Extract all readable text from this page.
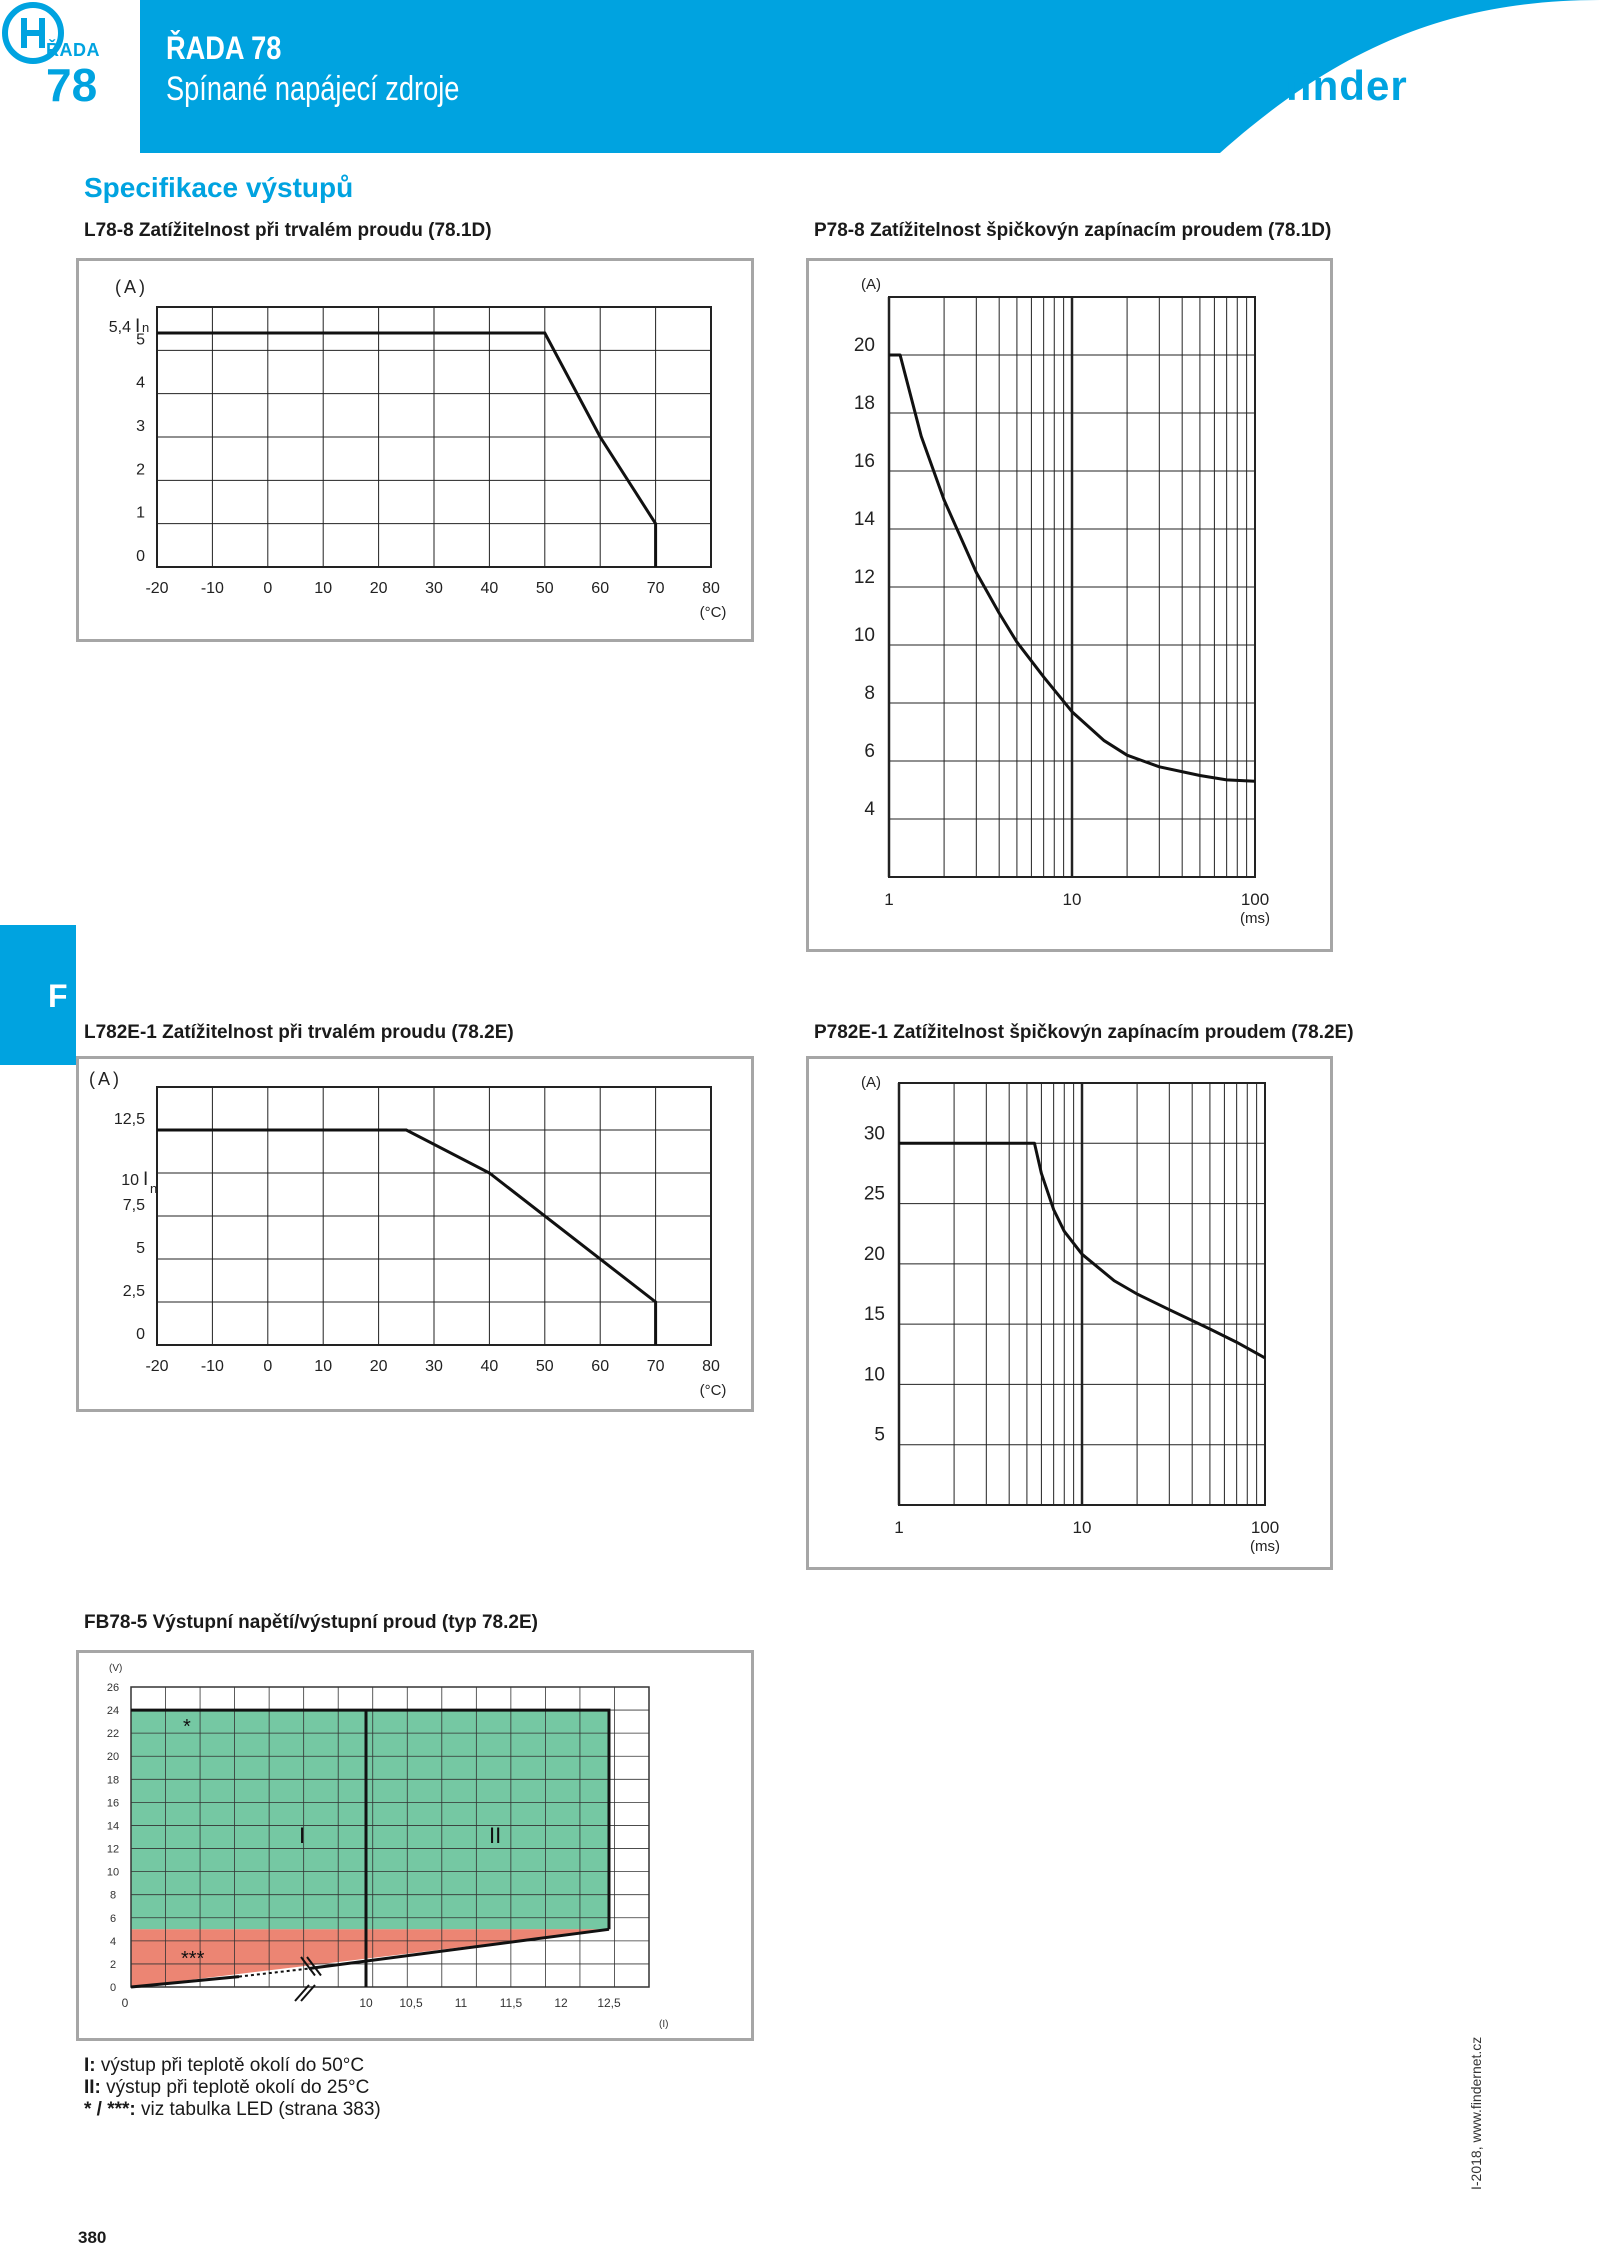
ŘADA
78
ŘADA 78
Spínané napájecí zdroje	finder
F
Specifikace výstupů
L78-8 Zatížitelnost při trvalém proudu (78.1D)	P78-8 Zatížitelnost špičkovýn zapínacím proudem (78.1D)
L782E-1 Zatížitelnost při trvalém proudu (78.2E)	P782E-1 Zatížitelnost špičkovýn zapínacím proudem (78.2E)
FB78-5 Výstupní napětí/výstupní proud (typ 78.2E)
-20 -10 0	10 20 30 40 50 60 70 80
0
1
2
3
4
5
5,4 I n
(A)
(°C)
1	10	100
4
6
8
10
12
14
16
18
20
(A)
(ms)
-20 -10 0	10 20 30 40 50 60 70 80
0
2,5
5
7,5
12,5
10 I n
(A)
(°C)
1	10	100
5
10
15
20
25
30
(A)
(ms)
0
2
4
6
8
10
12
14
16
18
20
22
24
26
0	10 10,5	11	11,5	12 12,5
(V)
(I)
*
***
I	II
I: výstup při teplotě okolí do 50°C
II: výstup při teplotě okolí do 25°C
* / ***: viz tabulka LED (strana 383)	I-2018, www.findernet.cz
380
